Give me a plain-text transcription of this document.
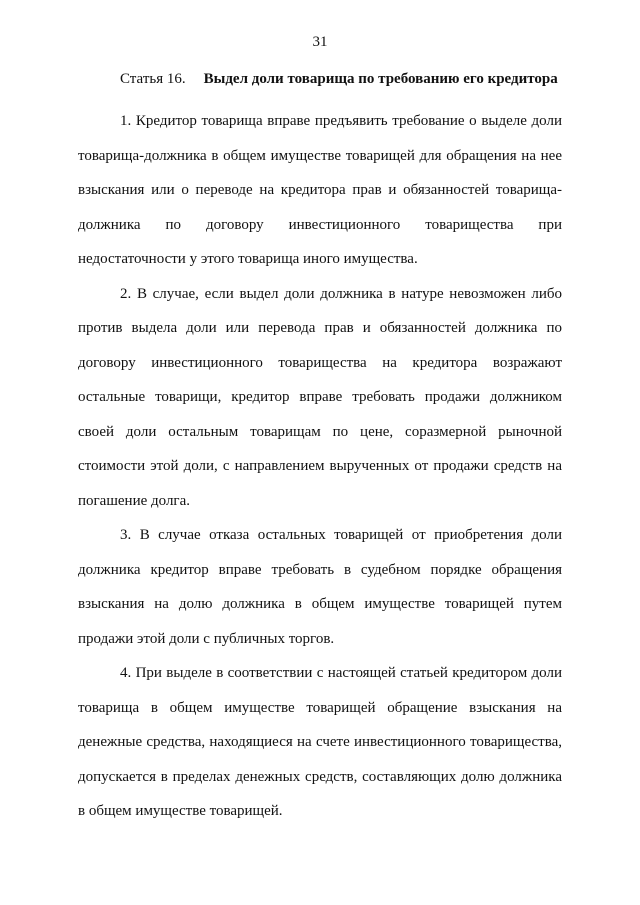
31
Статья 16. Выдел доли товарища по требованию его кредитора
1. Кредитор товарища вправе предъявить требование о выделе доли
товарища-должника в общем имуществе товарищей для обращения на нее
взыскания или о переводе на кредитора прав и обязанностей товарища-
должника по договору инвестиционного товарищества при
недостаточности у этого товарища иного имущества.
2. В случае, если выдел доли должника в натуре невозможен либо
против выдела доли или перевода прав и обязанностей должника по
договору инвестиционного товарищества на кредитора возражают
остальные товарищи, кредитор вправе требовать продажи должником
своей доли остальным товарищам по цене, соразмерной рыночной
стоимости этой доли, с направлением вырученных от продажи средств на
погашение долга.
3. В случае отказа остальных товарищей от приобретения доли
должника кредитор вправе требовать в судебном порядке обращения
взыскания на долю должника в общем имуществе товарищей путем
продажи этой доли с публичных торгов.
4. При выделе в соответствии с настоящей статьей кредитором доли
товарища в общем имуществе товарищей обращение взыскания на
денежные средства, находящиеся на счете инвестиционного товарищества,
допускается в пределах денежных средств, составляющих долю должника
в общем имуществе товарищей.
